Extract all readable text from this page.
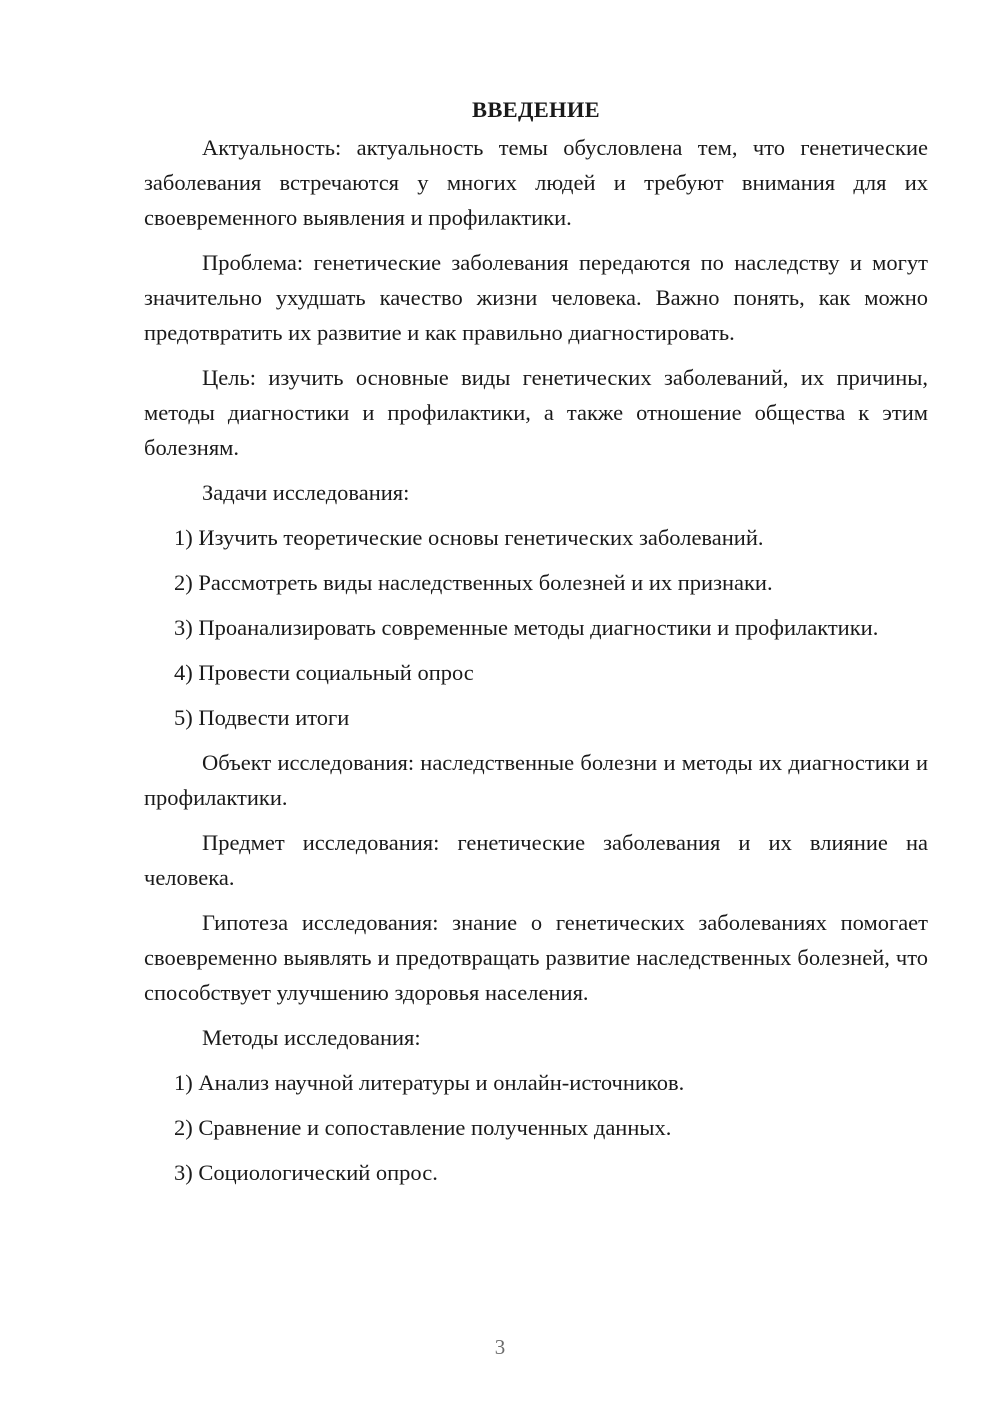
ВВЕДЕНИЕ

Актуальность: актуальность темы обусловлена тем, что генетические заболевания встречаются у многих людей и требуют внимания для их своевременного выявления и профилактики.

Проблема: генетические заболевания передаются по наследству и могут значительно ухудшать качество жизни человека. Важно понять, как можно предотвратить их развитие и как правильно диагностировать.

Цель: изучить основные виды генетических заболеваний, их причины, методы диагностики и профилактики, а также отношение общества к этим болезням.

Задачи исследования:

1) Изучить теоретические основы генетических заболеваний.

2) Рассмотреть виды наследственных болезней и их признаки.

3) Проанализировать современные методы диагностики и профилактики.

4) Провести социальный опрос

5) Подвести итоги

Объект исследования: наследственные болезни и методы их диагностики и профилактики.

Предмет исследования: генетические заболевания и их влияние на человека.

Гипотеза исследования: знание о генетических заболеваниях помогает своевременно выявлять и предотвращать развитие наследственных болезней, что способствует улучшению здоровья населения.

Методы исследования:

1) Анализ научной литературы и онлайн-источников.

2) Сравнение и сопоставление полученных данных.

3) Социологический опрос.

3
